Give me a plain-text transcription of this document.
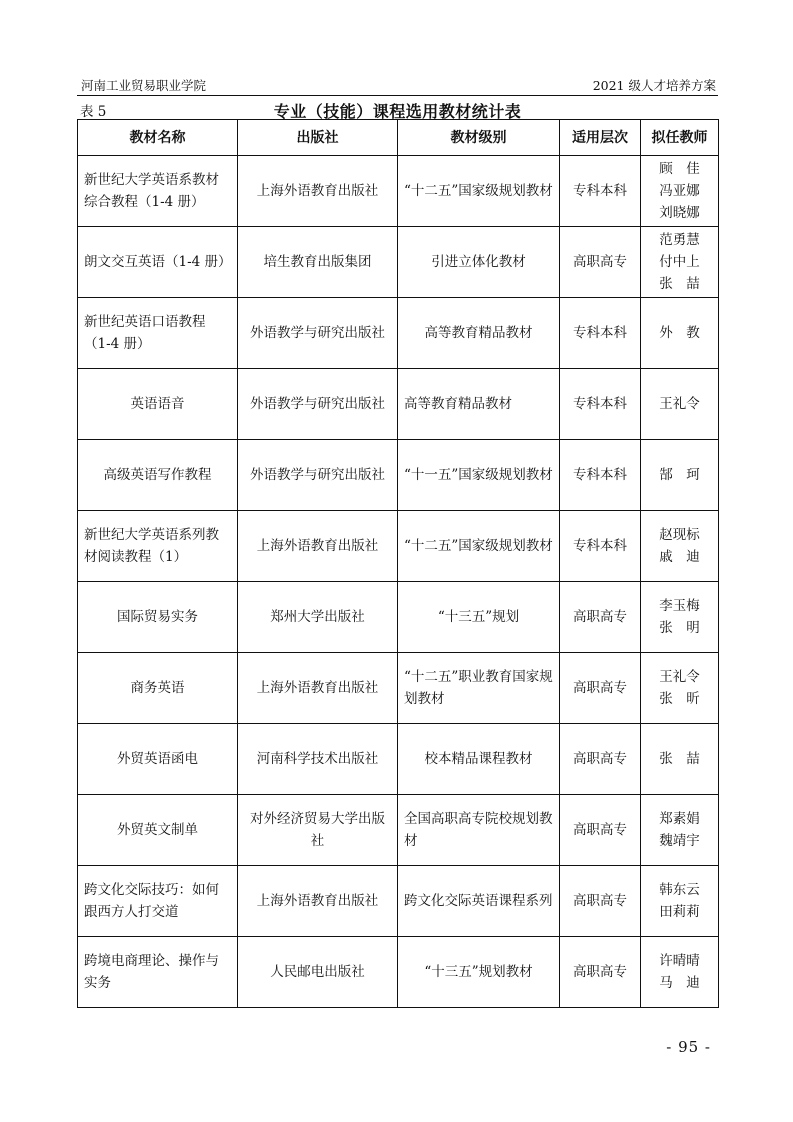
河南工业贸易职业学院	2021 级人才培养方案
表 5	专业（技能）课程选用教材统计表
教材名称	出版社	教材级别	适用层次	拟任教师
新世纪大学英语系教材综合教程（1-4 册）	上海外语教育出版社	“十二五”国家级规划教材	专科本科	顾　佳
冯亚娜
刘晓娜

朗文交互英语（1-4 册）	培生教育出版集团	引进立体化教材	高职高专	范勇慧
付中上
张　喆

新世纪英语口语教程（1-4 册）	外语教学与研究出版社	高等教育精品教材	专科本科	外　教

英语语音	外语教学与研究出版社	高等教育精品教材	专科本科	王礼令

高级英语写作教程	外语教学与研究出版社	“十一五”国家级规划教材	专科本科	郜　珂

新世纪大学英语系列教材阅读教程（1）	上海外语教育出版社	“十二五”国家级规划教材	专科本科	赵现标
戚　迪

国际贸易实务	郑州大学出版社	“十三五”规划	高职高专	李玉梅
张　明

商务英语	上海外语教育出版社	“十二五”职业教育国家规划教材	高职高专	王礼令
张　昕

外贸英语函电	河南科学技术出版社	校本精品课程教材	高职高专	张　喆

外贸英文制单	对外经济贸易大学出版社	全国高职高专院校规划教材	高职高专	郑素娟
魏靖宇

跨文化交际技巧：如何跟西方人打交道	上海外语教育出版社	跨文化交际英语课程系列	高职高专	韩东云
田莉莉

跨境电商理论、操作与实务	人民邮电出版社	“十三五”规划教材	高职高专	许晴晴
马　迪
- 95 -
